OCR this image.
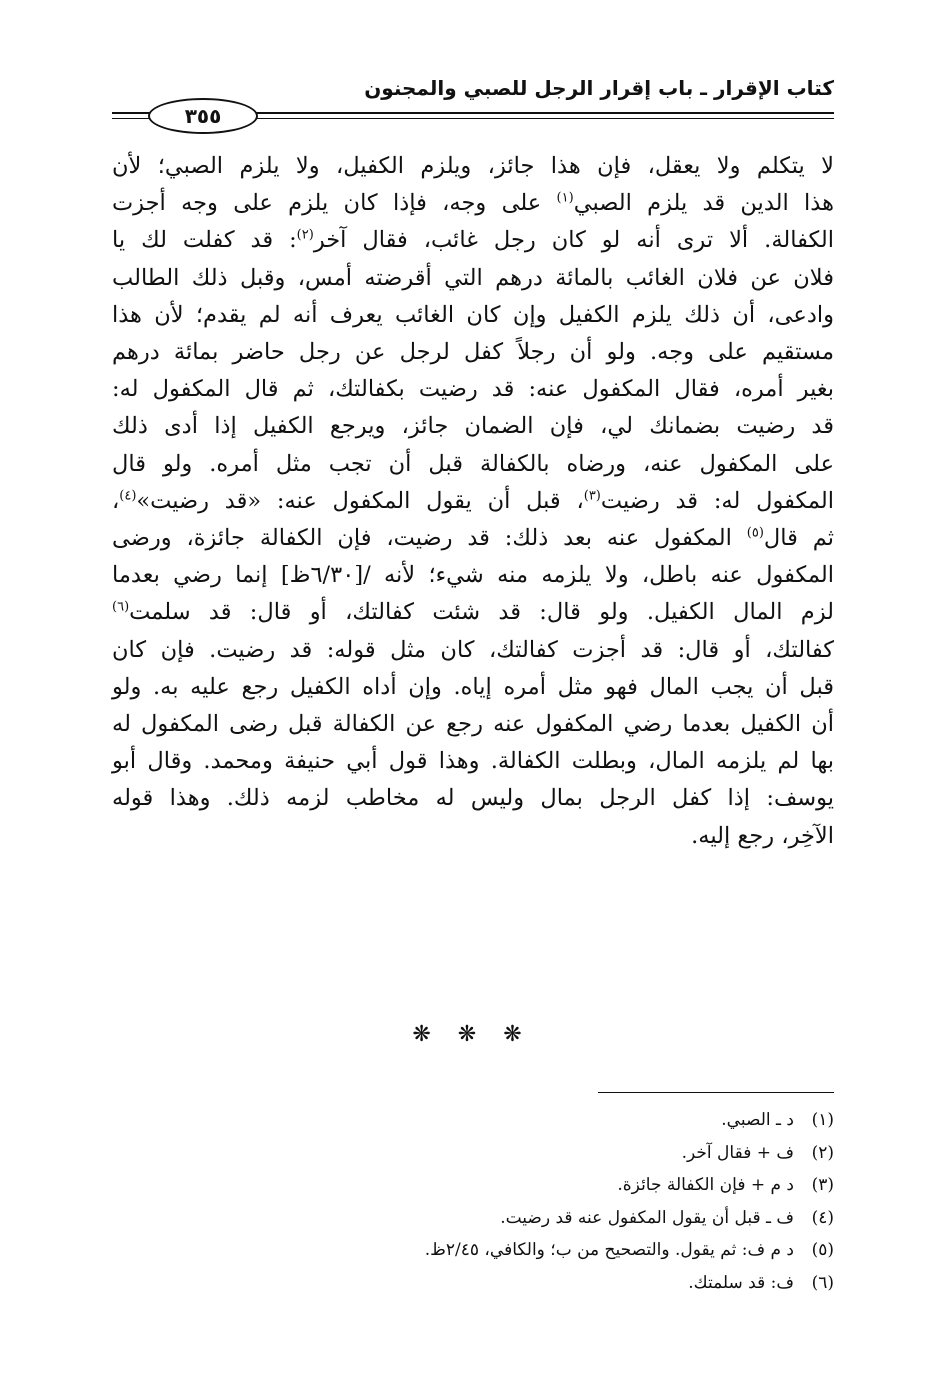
كتاب الإقرار ـ باب إقرار الرجل للصبي والمجنون
٣٥٥

لا يتكلم ولا يعقل، فإن هذا جائز، ويلزم الكفيل، ولا يلزم الصبي؛ لأن

هذا الدين قد يلزم الصبي$^{(١)}$ على وجه، فإذا كان يلزم على وجه أجزت

الكفالة. ألا ترى أنه لو كان رجل غائب، فقال آخر$^{(٢)}$: قد كفلت لك يا

فلان عن فلان الغائب بالمائة درهم التي أقرضته أمس، وقبل ذلك الطالب

وادعى، أن ذلك يلزم الكفيل وإن كان الغائب يعرف أنه لم يقدم؛ لأن هذا

مستقيم على وجه. ولو أن رجلاً كفل لرجل عن رجل حاضر بمائة درهم

بغير أمره، فقال المكفول عنه: قد رضيت بكفالتك، ثم قال المكفول له:

قد رضيت بضمانك لي، فإن الضمان جائز، ويرجع الكفيل إذا أدى ذلك

على المكفول عنه، ورضاه بالكفالة قبل أن تجب مثل أمره. ولو قال

المكفول له: قد رضيت$^{(٣)}$، قبل أن يقول المكفول عنه: «قد رضيت»$^{(٤)}$،

ثم قال$^{(٥)}$ المكفول عنه بعد ذلك: قد رضيت، فإن الكفالة جائزة، ورضى

المكفول عنه باطل، ولا يلزمه منه شيء؛ لأنه /[٦/٣٠ظ] إنما رضي بعدما

لزم المال الكفيل. ولو قال: قد شئت كفالتك، أو قال: قد سلمت$^{(٦)}$

كفالتك، أو قال: قد أجزت كفالتك، كان مثل قوله: قد رضيت. فإن كان

قبل أن يجب المال فهو مثل أمره إياه. وإن أداه الكفيل رجع عليه به. ولو

أن الكفيل بعدما رضي المكفول عنه رجع عن الكفالة قبل رضى المكفول له

بها لم يلزمه المال، وبطلت الكفالة. وهذا قول أبي حنيفة ومحمد. وقال أبو

يوسف: إذا كفل الرجل بمال وليس له مخاطب لزمه ذلك. وهذا قوله

الآخِر، رجع إليه.

❋ ❋ ❋
(١)د ـ الصبي.
(٢)ف + فقال آخر.
(٣)د م + فإن الكفالة جائزة.
(٤)ف ـ قبل أن يقول المكفول عنه قد رضيت.
(٥)د م ف: ثم يقول. والتصحيح من ب؛ والكافي، ٢/٤٥ظ.
(٦)ف: قد سلمتك.
